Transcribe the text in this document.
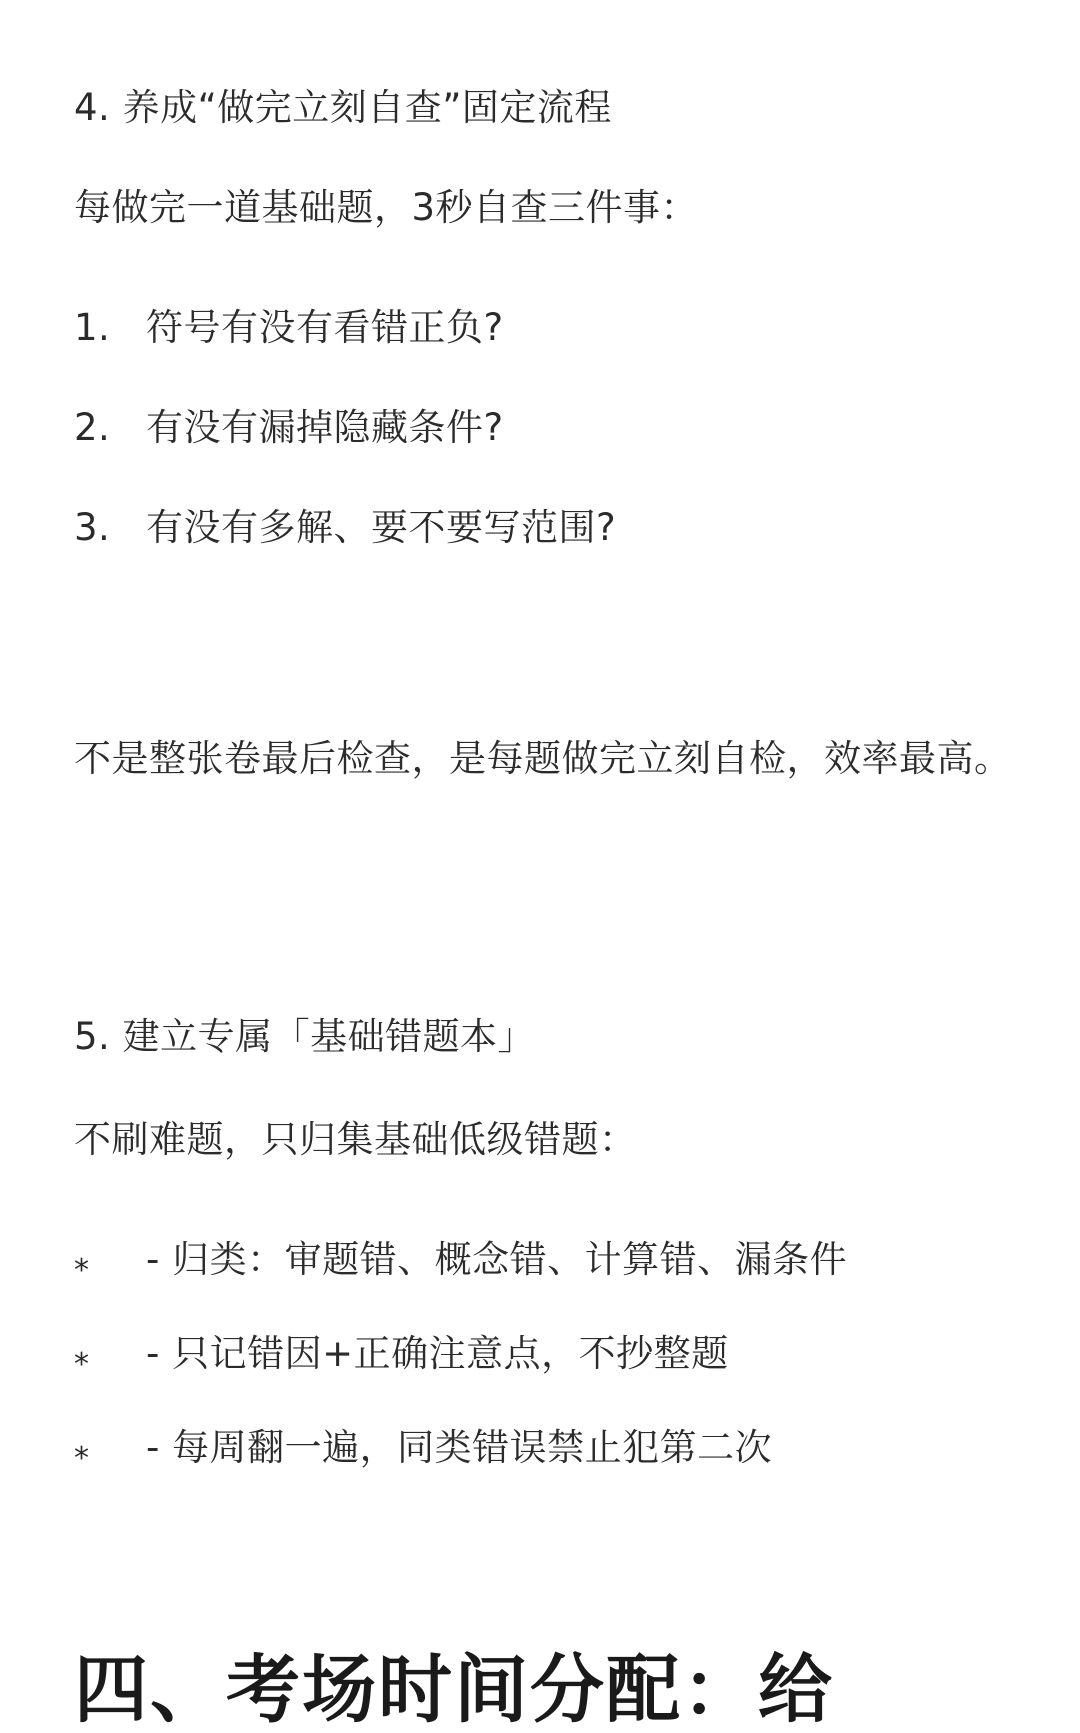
4. 养成“做完立刻自查”固定流程

每做完一道基础题，3秒自查三件事：

1. 符号有没有看错正负?

2. 有没有漏掉隐藏条件?

3. 有没有多解、要不要写范围?

不是整张卷最后检查，是每题做完立刻自检，效率最高。

5. 建立专属「基础错题本」

不刷难题，只归集基础低级错题：

* - 归类：审题错、概念错、计算错、漏条件

* - 只记错因+正确注意点，不抄整题

* - 每周翻一遍，同类错误禁止犯第二次

四、考场时间分配：给
